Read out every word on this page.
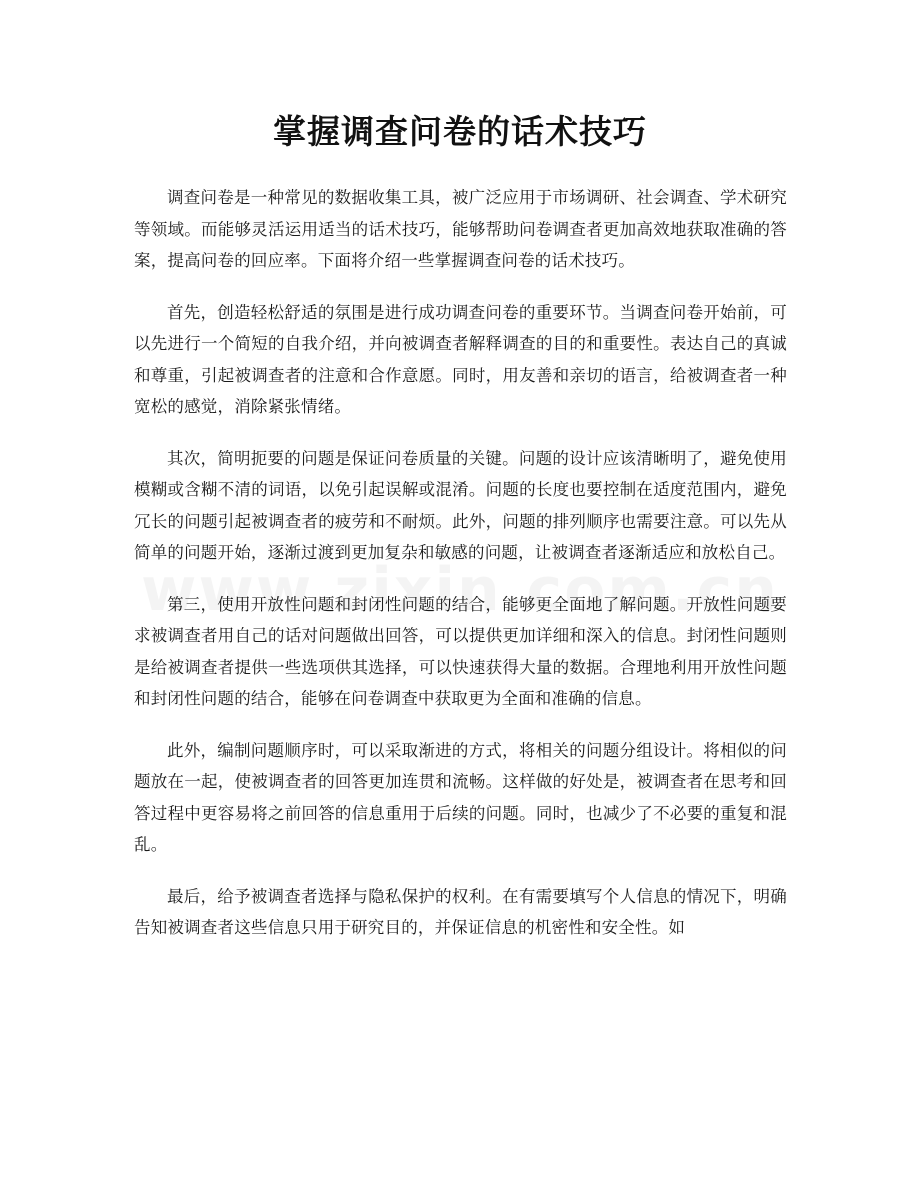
掌握调查问卷的话术技巧

调查问卷是一种常见的数据收集工具，被广泛应用于市场调研、社会调查、学术研究等领域。而能够灵活运用适当的话术技巧，能够帮助问卷调查者更加高效地获取准确的答案，提高问卷的回应率。下面将介绍一些掌握调查问卷的话术技巧。

首先，创造轻松舒适的氛围是进行成功调查问卷的重要环节。当调查问卷开始前，可以先进行一个简短的自我介绍，并向被调查者解释调查的目的和重要性。表达自己的真诚和尊重，引起被调查者的注意和合作意愿。同时，用友善和亲切的语言，给被调查者一种宽松的感觉，消除紧张情绪。

其次，简明扼要的问题是保证问卷质量的关键。问题的设计应该清晰明了，避免使用模糊或含糊不清的词语，以免引起误解或混淆。问题的长度也要控制在适度范围内，避免冗长的问题引起被调查者的疲劳和不耐烦。此外，问题的排列顺序也需要注意。可以先从简单的问题开始，逐渐过渡到更加复杂和敏感的问题，让被调查者逐渐适应和放松自己。

第三，使用开放性问题和封闭性问题的结合，能够更全面地了解问题。开放性问题要求被调查者用自己的话对问题做出回答，可以提供更加详细和深入的信息。封闭性问题则是给被调查者提供一些选项供其选择，可以快速获得大量的数据。合理地利用开放性问题和封闭性问题的结合，能够在问卷调查中获取更为全面和准确的信息。

此外，编制问题顺序时，可以采取渐进的方式，将相关的问题分组设计。将相似的问题放在一起，使被调查者的回答更加连贯和流畅。这样做的好处是，被调查者在思考和回答过程中更容易将之前回答的信息重用于后续的问题。同时，也减少了不必要的重复和混乱。

最后，给予被调查者选择与隐私保护的权利。在有需要填写个人信息的情况下，明确告知被调查者这些信息只用于研究目的，并保证信息的机密性和安全性。如
